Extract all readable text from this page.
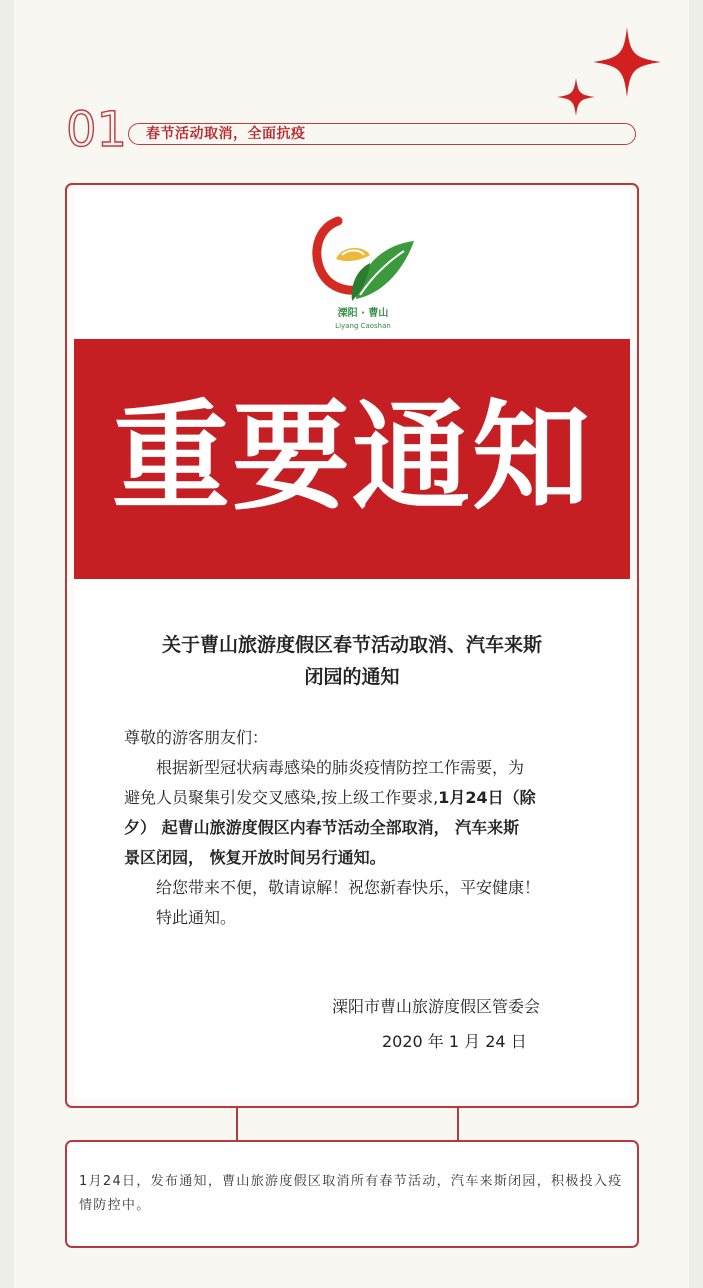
01 春节活动取消，全面抗疫
溧阳 · 曹山
Liyang Caoshan
重要通知
关于曹山旅游度假区春节活动取消、汽车来斯
闭园的通知

尊敬的游客朋友们：

根据新型冠状病毒感染的肺炎疫情防控工作需要，为

避免人员聚集引发交叉感染,按上级工作要求,1月24日（除

夕） 起曹山旅游度假区内春节活动全部取消， 汽车来斯

景区闭园， 恢复开放时间另行通知。

给您带来不便，敬请谅解！祝您新春快乐，平安健康！

特此通知。

溧阳市曹山旅游度假区管委会
2020 年 1 月 24 日
1月24日，发布通知，曹山旅游度假区取消所有春节活动，汽车来斯闭园，积极投入疫情防控中。
